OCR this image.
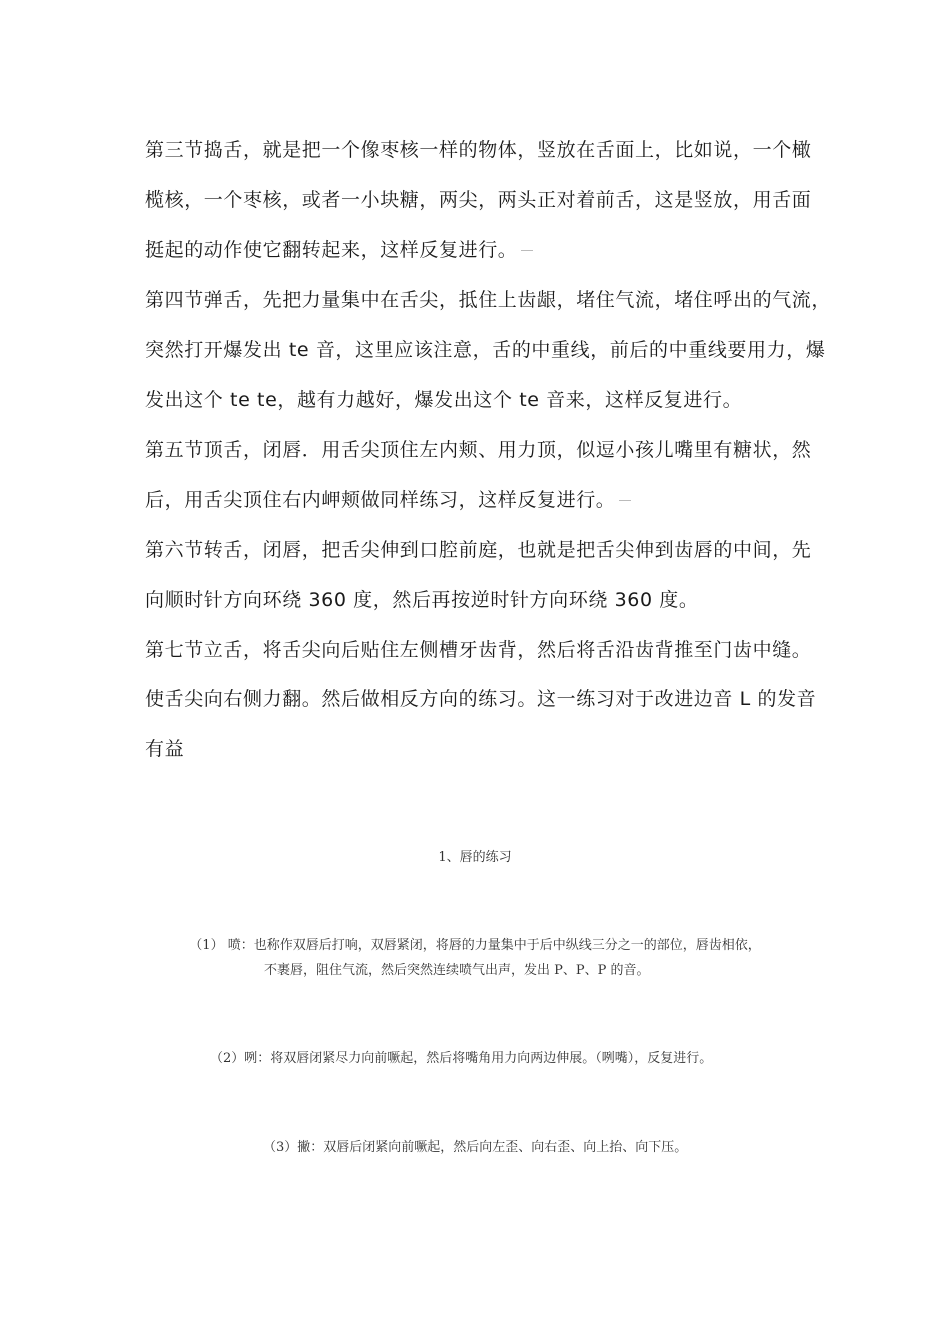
第三节捣舌，就是把一个像枣核一样的物体，竖放在舌面上，比如说，一个橄
榄核，一个枣核，或者一小块糖，两尖，两头正对着前舌，这是竖放，用舌面
挺起的动作使它翻转起来，这样反复进行。
第四节弹舌，先把力量集中在舌尖，抵住上齿龈，堵住气流，堵住呼出的气流，
突然打开爆发出 te 音，这里应该注意，舌的中重线，前后的中重线要用力，爆
发出这个 te te，越有力越好，爆发出这个 te 音来，这样反复进行。
第五节顶舌，闭唇．用舌尖顶住左内颊、用力顶，似逗小孩儿嘴里有糖状，然
后，用舌尖顶住右内岬颊做同样练习，这样反复进行。
第六节转舌，闭唇，把舌尖伸到口腔前庭，也就是把舌尖伸到齿唇的中间，先
向顺时针方向环绕 360 度，然后再按逆时针方向环绕 360 度。
第七节立舌，将舌尖向后贴住左侧槽牙齿背，然后将舌沿齿背推至门齿中缝。
使舌尖向右侧力翻。然后做相反方向的练习。这一练习对于改进边音 L 的发音
有益
1、唇的练习
（1） 喷：也称作双唇后打响，双唇紧闭，将唇的力量集中于后中纵线三分之一的部位，唇齿相依，
不裹唇，阻住气流，然后突然连续喷气出声，发出 P、P、P 的音。
（2）咧：将双唇闭紧尽力向前噘起，然后将嘴角用力向两边伸展。（咧嘴），反复进行。
（3）撇：双唇后闭紧向前噘起，然后向左歪、向右歪、向上抬、向下压。
